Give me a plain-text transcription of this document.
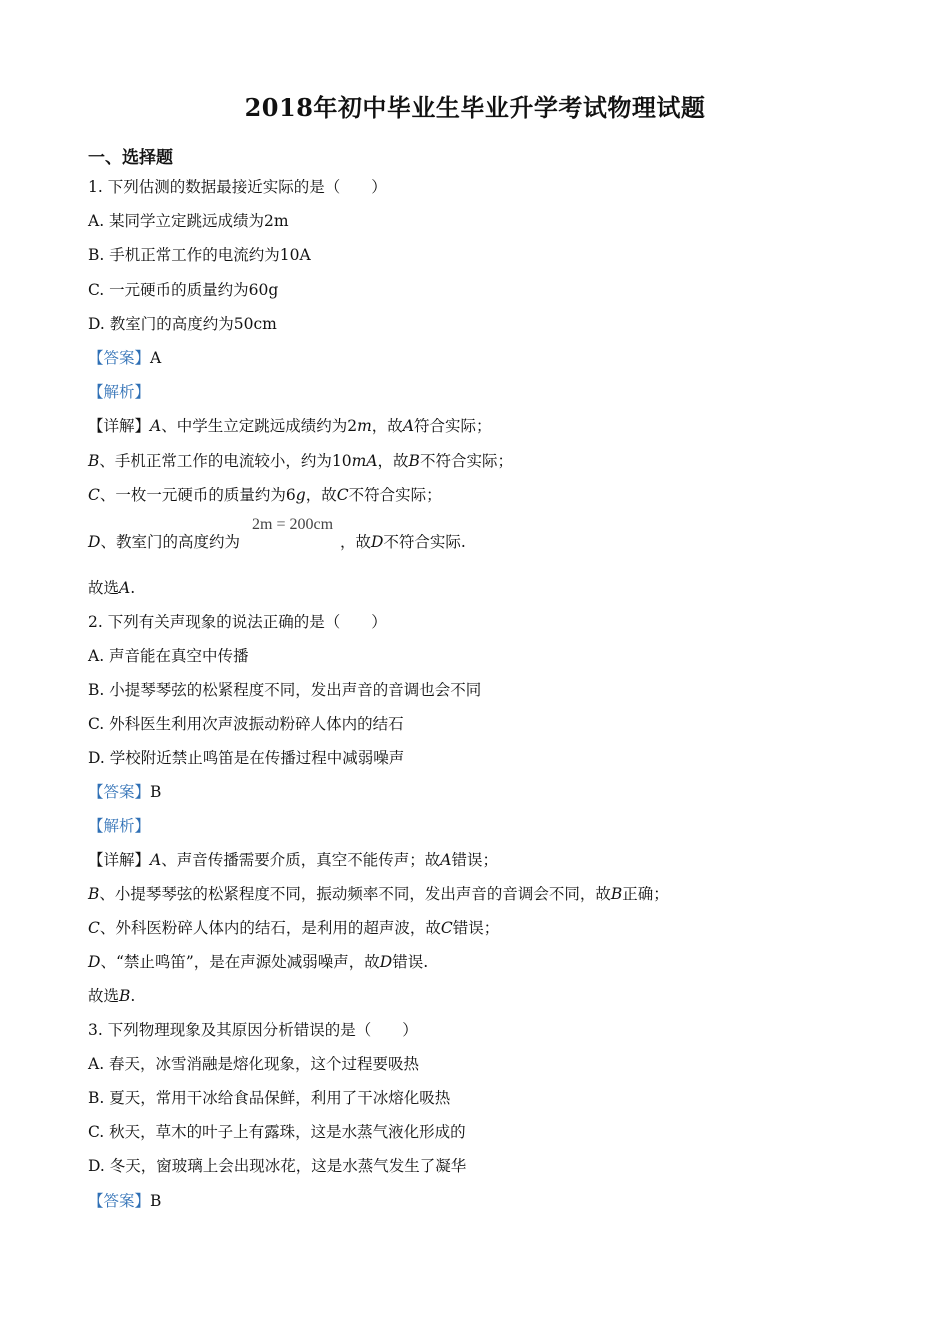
2018年初中毕业生毕业升学考试物理试题
一、选择题
1. 下列估测的数据最接近实际的是（　　）
A. 某同学立定跳远成绩为2m
B. 手机正常工作的电流约为10A
C. 一元硬币的质量约为60g
D. 教室门的高度约为50cm
【答案】A
【解析】
【详解】A、中学生立定跳远成绩约为2m，故A符合实际；
B、手机正常工作的电流较小，约为10mA，故B不符合实际；
C、一枚一元硬币的质量约为6g，故C不符合实际；
D、教室门的高度约为	，故D不符合实际.
2m = 200cm
故选A.
2. 下列有关声现象的说法正确的是（　　）
A. 声音能在真空中传播
B. 小提琴琴弦的松紧程度不同，发出声音的音调也会不同
C. 外科医生利用次声波振动粉碎人体内的结石
D. 学校附近禁止鸣笛是在传播过程中减弱噪声
【答案】B
【解析】
【详解】A、声音传播需要介质，真空不能传声；故A错误；
B、小提琴琴弦的松紧程度不同，振动频率不同，发出声音的音调会不同，故B正确；
C、外科医粉碎人体内的结石，是利用的超声波，故C错误；
D、“禁止鸣笛”，是在声源处减弱噪声，故D错误.
故选B.
3. 下列物理现象及其原因分析错误的是（　　）
A. 春天，冰雪消融是熔化现象，这个过程要吸热
B. 夏天，常用干冰给食品保鲜，利用了干冰熔化吸热
C. 秋天，草木的叶子上有露珠，这是水蒸气液化形成的
D. 冬天，窗玻璃上会出现冰花，这是水蒸气发生了凝华
【答案】B
